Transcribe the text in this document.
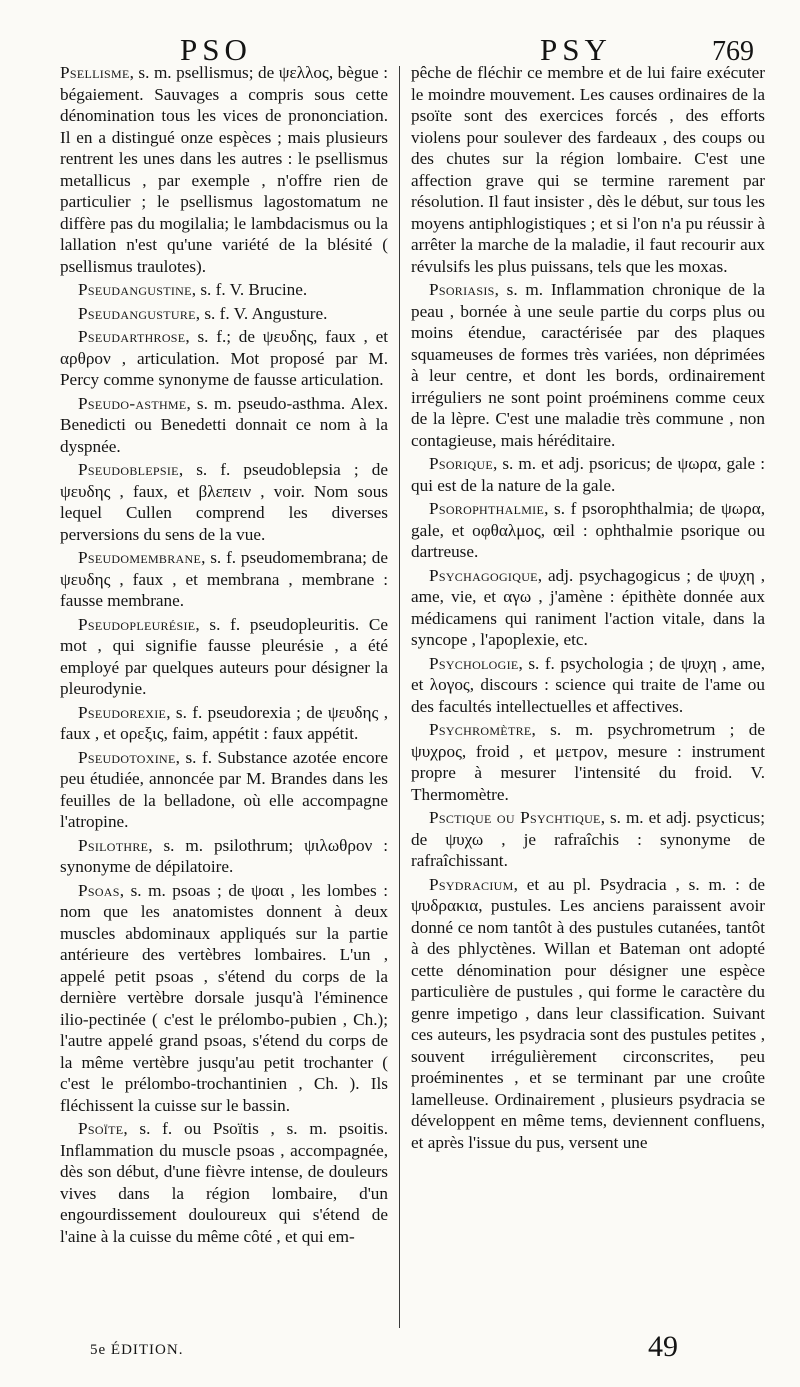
PSO	PSY	769

Psellisme, s. m. psellismus; de ψελλος, bègue : bégaiement. Sauvages a compris sous cette dénomination tous les vices de prononciation. Il en a distingué onze espèces ; mais plusieurs rentrent les unes dans les autres : le psellismus metallicus , par exemple , n'offre rien de particulier ; le psellismus lagostomatum ne diffère pas du mogilalia; le lambdacismus ou la lallation n'est qu'une variété de la blésité ( psellismus traulotes).

Pseudangustine, s. f. V. Brucine.

Pseudangusture, s. f. V. Angusture.

Pseudarthrose, s. f.; de ψευδης, faux , et αρθρον , articulation. Mot proposé par M. Percy comme synonyme de fausse articulation.

Pseudo-asthme, s. m. pseudo-asthma. Alex. Benedicti ou Benedetti donnait ce nom à la dyspnée.

Pseudoblepsie, s. f. pseudoblepsia ; de ψευδης , faux, et βλεπειν , voir. Nom sous lequel Cullen comprend les diverses perversions du sens de la vue.

Pseudomembrane, s. f. pseudomembrana; de ψευδης , faux , et membrana , membrane : fausse membrane.

Pseudopleurésie, s. f. pseudopleuritis. Ce mot , qui signifie fausse pleurésie , a été employé par quelques auteurs pour désigner la pleurodynie.

Pseudorexie, s. f. pseudorexia ; de ψευδης , faux , et ορεξις, faim, appétit : faux appétit.

Pseudotoxine, s. f. Substance azotée encore peu étudiée, annoncée par M. Brandes dans les feuilles de la belladone, où elle accompagne l'atropine.

Psilothre, s. m. psilothrum; ψιλωθρον : synonyme de dépilatoire.

Psoas, s. m. psoas ; de ψοαι , les lombes : nom que les anatomistes donnent à deux muscles abdominaux appliqués sur la partie antérieure des vertèbres lombaires. L'un , appelé petit psoas , s'étend du corps de la dernière vertèbre dorsale jusqu'à l'éminence ilio-pectinée ( c'est le prélombo-pubien , Ch.); l'autre appelé grand psoas, s'étend du corps de la même vertèbre jusqu'au petit trochanter ( c'est le prélombo-trochantinien , Ch. ). Ils fléchissent la cuisse sur le bassin.

Psoïte, s. f. ou Psoïtis , s. m. psoitis. Inflammation du muscle psoas , accompagnée, dès son début, d'une fièvre intense, de douleurs vives dans la région lombaire, d'un engourdissement douloureux qui s'étend de l'aine à la cuisse du même côté , et qui em-

pêche de fléchir ce membre et de lui faire exécuter le moindre mouvement. Les causes ordinaires de la psoïte sont des exercices forcés , des efforts violens pour soulever des fardeaux , des coups ou des chutes sur la région lombaire. C'est une affection grave qui se termine rarement par résolution. Il faut insister , dès le début, sur tous les moyens antiphlogistiques ; et si l'on n'a pu réussir à arrêter la marche de la maladie, il faut recourir aux révulsifs les plus puissans, tels que les moxas.

Psoriasis, s. m. Inflammation chronique de la peau , bornée à une seule partie du corps plus ou moins étendue, caractérisée par des plaques squameuses de formes très variées, non déprimées à leur centre, et dont les bords, ordinairement irréguliers ne sont point proéminens comme ceux de la lèpre. C'est une maladie très commune , non contagieuse, mais héréditaire.

Psorique, s. m. et adj. psoricus; de ψωρα, gale : qui est de la nature de la gale.

Psorophthalmie, s. f psorophthalmia; de ψωρα, gale, et οφθαλμος, œil : ophthalmie psorique ou dartreuse.

Psychagogique, adj. psychagogicus ; de ψυχη , ame, vie, et αγω , j'amène : épithète donnée aux médicamens qui raniment l'action vitale, dans la syncope , l'apoplexie, etc.

Psychologie, s. f. psychologia ; de ψυχη , ame, et λογος, discours : science qui traite de l'ame ou des facultés intellectuelles et affectives.

Psychromètre, s. m. psychrometrum ; de ψυχρος, froid , et μετρον, mesure : instrument propre à mesurer l'intensité du froid. V. Thermomètre.

Psctique ou Psychtique, s. m. et adj. psycticus; de ψυχω , je rafraîchis : synonyme de rafraîchissant.

Psydracium, et au pl. Psydracia , s. m. : de ψυδρακια, pustules. Les anciens paraissent avoir donné ce nom tantôt à des pustules cutanées, tantôt à des phlyctènes. Willan et Bateman ont adopté cette dénomination pour désigner une espèce particulière de pustules , qui forme le caractère du genre impetigo , dans leur classification. Suivant ces auteurs, les psydracia sont des pustules petites , souvent irrégulièrement circonscrites, peu proéminentes , et se terminant par une croûte lamelleuse. Ordinairement , plusieurs psydracia se développent en même tems, deviennent confluens, et après l'issue du pus, versent une

5e ÉDITION.	49
